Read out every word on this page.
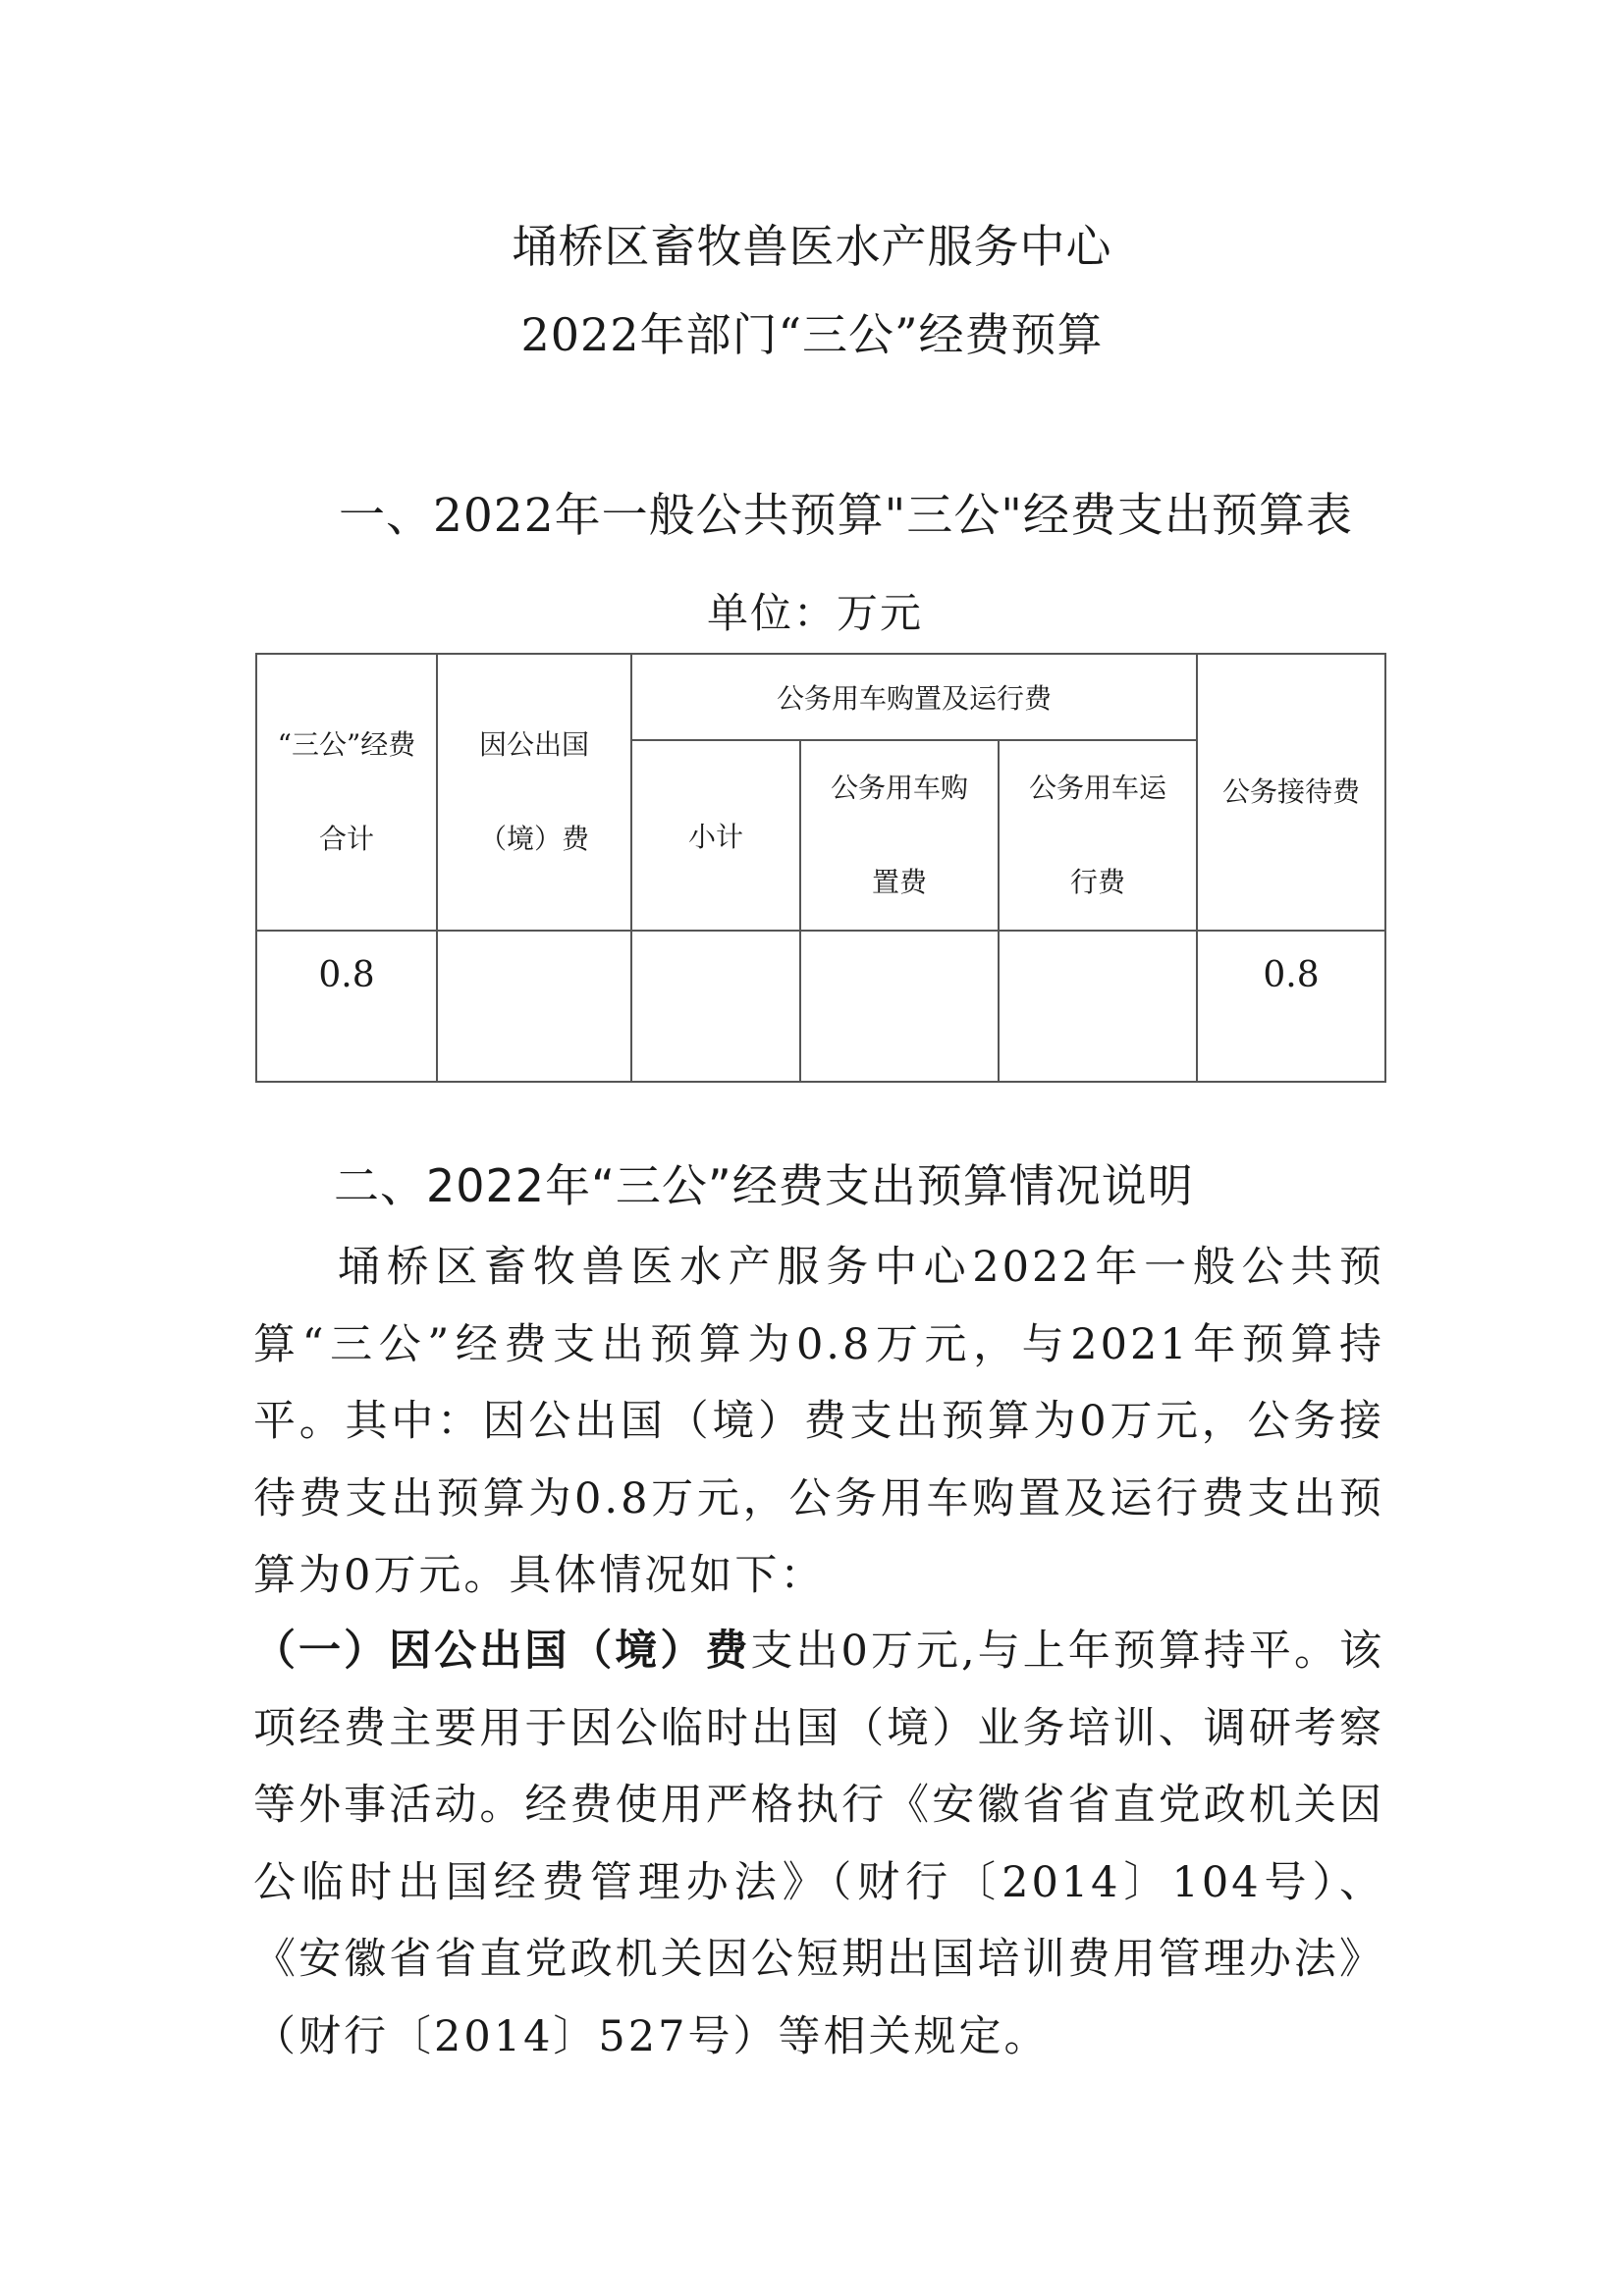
埇桥区畜牧兽医水产服务中心
2022年部门“三公”经费预算
一、2022年一般公共预算"三公"经费支出预算表
单位：万元
“三公”经费合计	因公出国（境）费	公务用车购置及运行费			公务接待费
		小计	公务用车购置费	公务用车运行费	
0.8					0.8
二、2022年“三公”经费支出预算情况说明
埇桥区畜牧兽医水产服务中心2022年一般公共预算“三公”经费支出预算为0.8万元，与2021年预算持平。其中：因公出国（境）费支出预算为0万元，公务接待费支出预算为0.8万元，公务用车购置及运行费支出预算为0万元。具体情况如下：
（一）因公出国（境）费支出0万元,与上年预算持平。该项经费主要用于因公临时出国（境）业务培训、调研考察等外事活动。经费使用严格执行《安徽省省直党政机关因公临时出国经费管理办法》（财行〔2014〕104号）、《安徽省省直党政机关因公短期出国培训费用管理办法》（财行〔2014〕527号）等相关规定。
